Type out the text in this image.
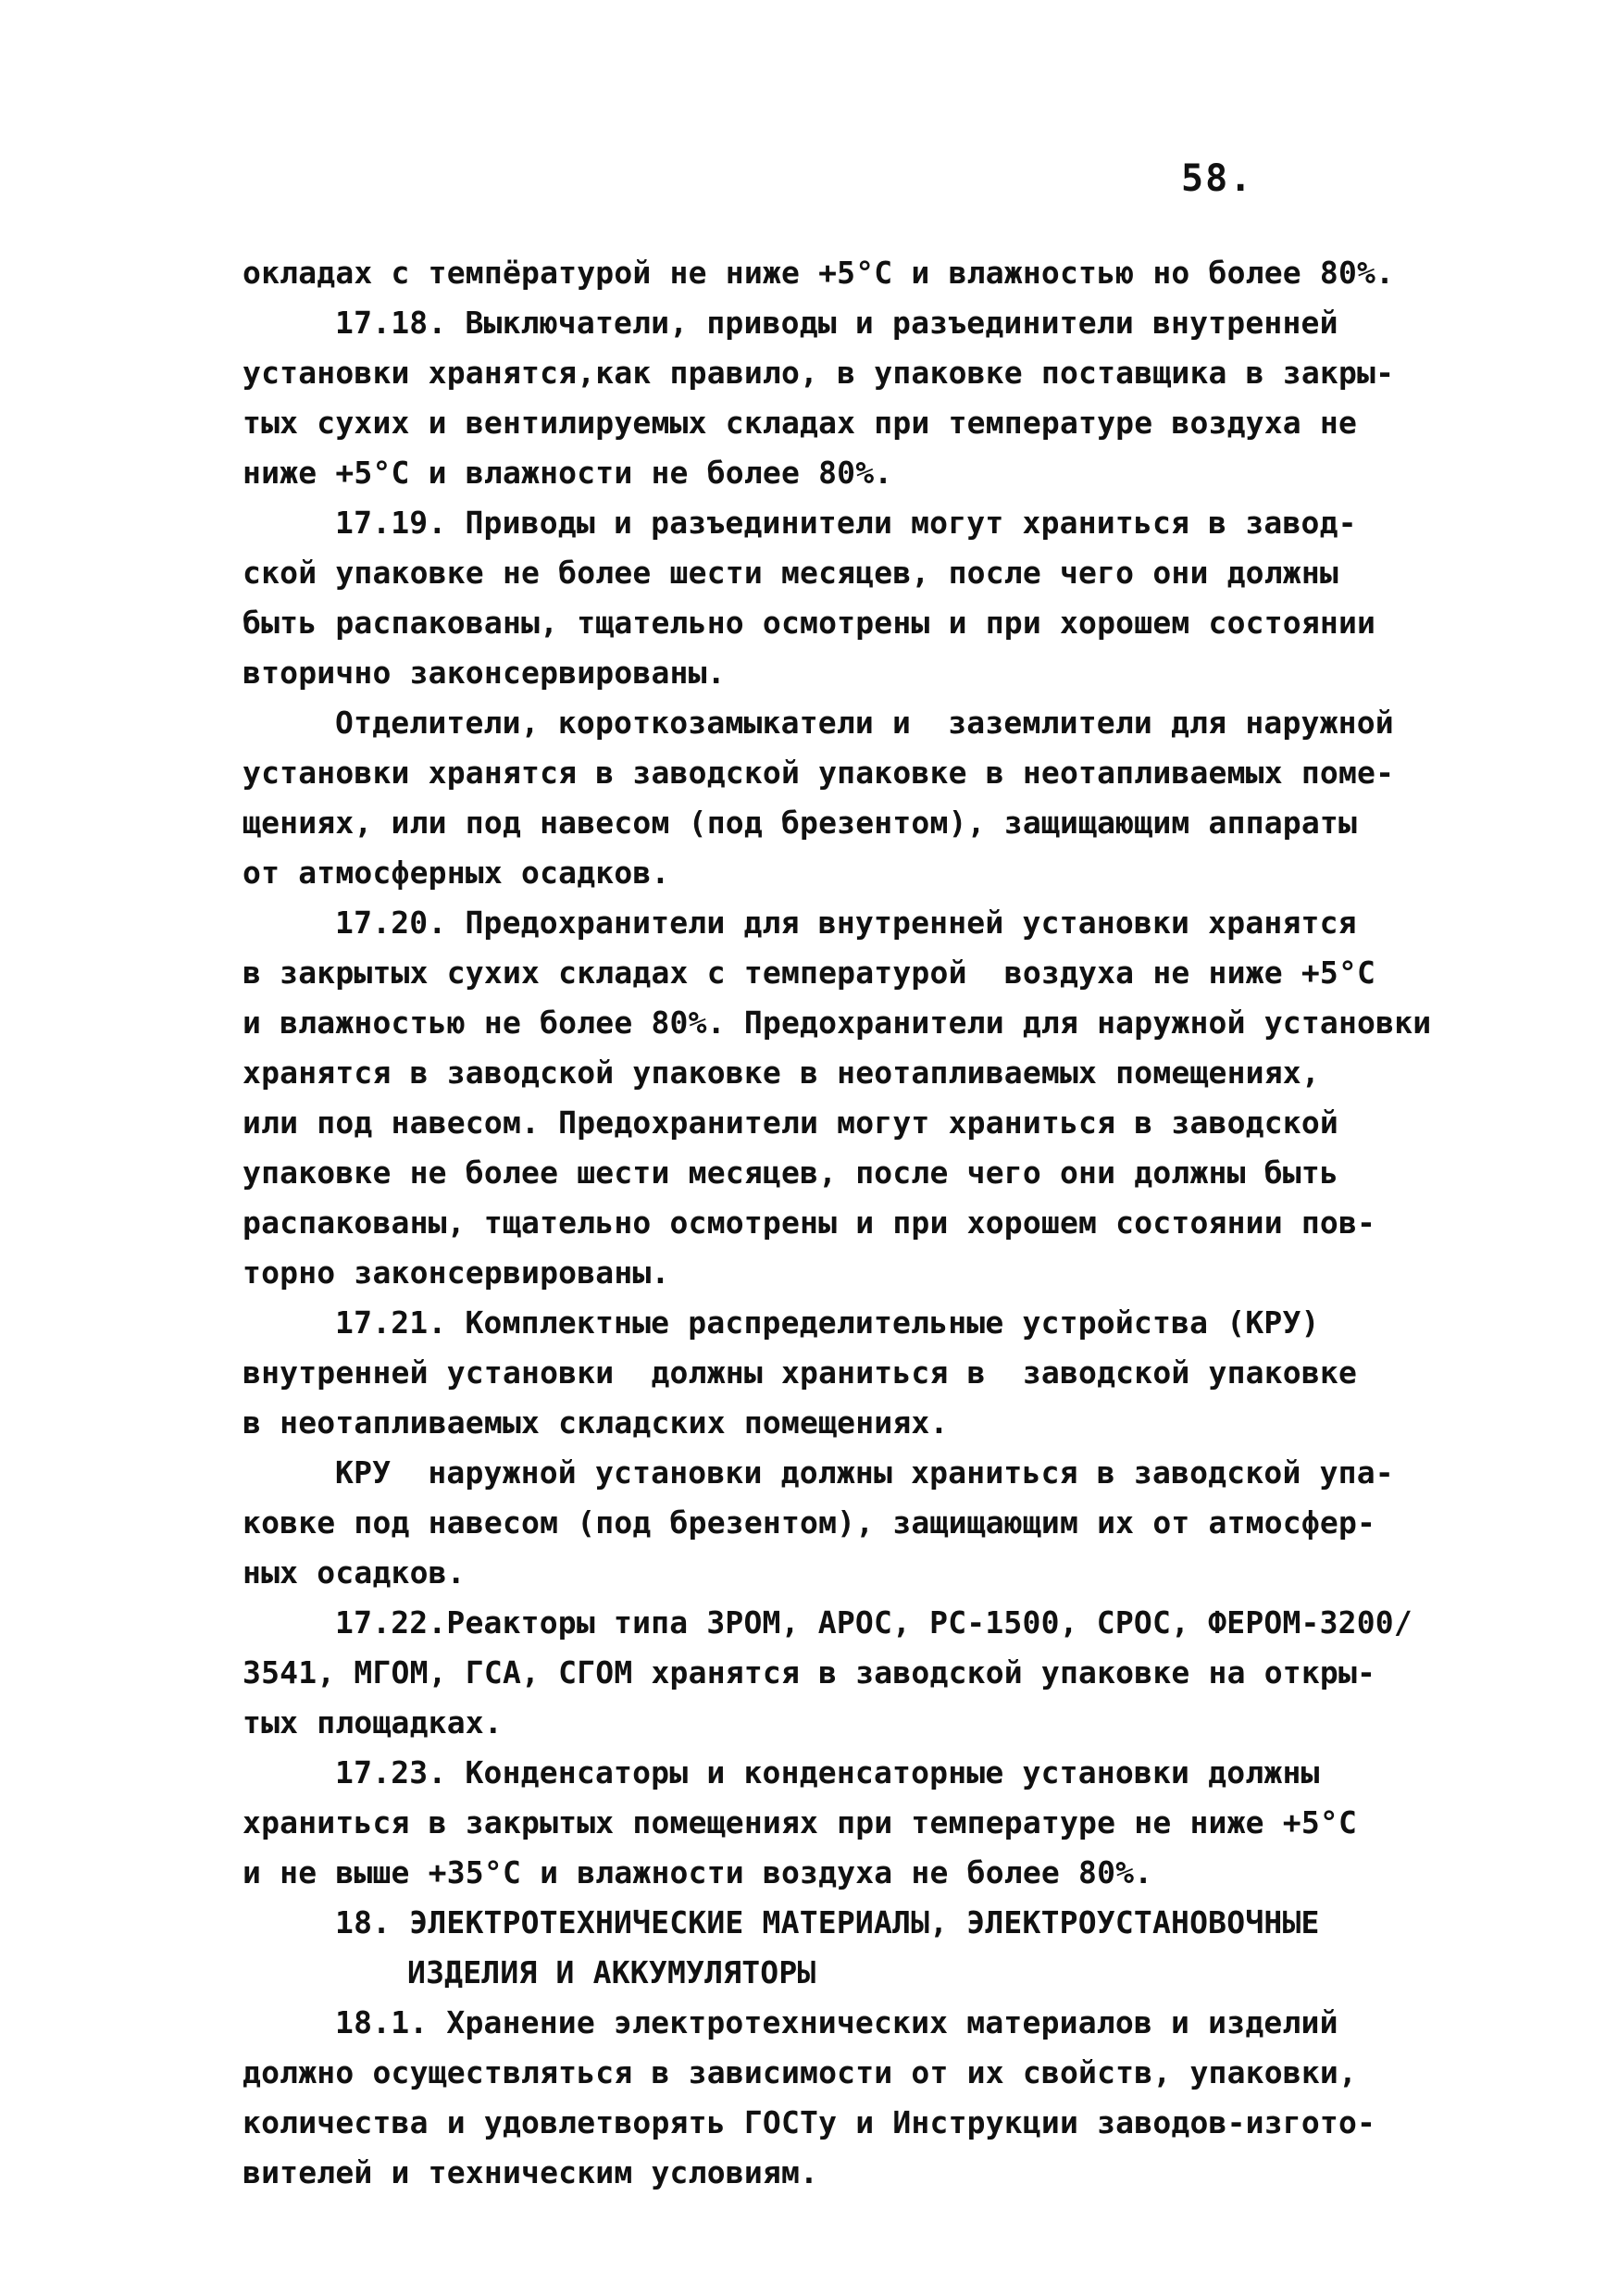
58.
окладах с темпёратурой не ниже +5°С и влажностью но более 80%.
17.18. Выключатели, приводы и разъединители внутренней
установки хранятся,как правило, в упаковке поставщика в закры-
тых сухих и вентилируемых складах при температуре воздуха не
ниже +5°С и влажности не более 80%.
17.19. Приводы и разъединители могут храниться в завод-
ской упаковке не более шести месяцев, после чего они должны
быть распакованы, тщательно осмотрены и при хорошем состоянии
вторично законсервированы.
Отделители, короткозамыкатели и  заземлители для наружной
установки хранятся в заводской упаковке в неотапливаемых поме-
щениях, или под навесом (под брезентом), защищающим аппараты
от атмосферных осадков.
17.20. Предохранители для внутренней установки хранятся
в закрытых сухих складах с температурой  воздуха не ниже +5°С
и влажностью не более 80%. Предохранители для наружной установки
хранятся в заводской упаковке в неотапливаемых помещениях,
или под навесом. Предохранители могут храниться в заводской
упаковке не более шести месяцев, после чего они должны быть
распакованы, тщательно осмотрены и при хорошем состоянии пов-
торно законсервированы.
17.21. Комплектные распределительные устройства (КРУ)
внутренней установки  должны храниться в  заводской упаковке
в неотапливаемых складских помещениях.
КРУ  наружной установки должны храниться в заводской упа-
ковке под навесом (под брезентом), защищающим их от атмосфер-
ных осадков.
17.22.Реакторы типа ЗРОМ, АРОС, РС-1500, СРОС, ФЕРОМ-3200/
3541, МГОМ, ГСА, СГОМ хранятся в заводской упаковке на откры-
тых площадках.
17.23. Конденсаторы и конденсаторные установки должны
храниться в закрытых помещениях при температуре не ниже +5°С
и не выше +35°С и влажности воздуха не более 80%.
18. ЭЛЕКТРОТЕХНИЧЕСКИЕ МАТЕРИАЛЫ, ЭЛЕКТРОУСТАНОВОЧНЫЕ
ИЗДЕЛИЯ И АККУМУЛЯТОРЫ
18.1. Хранение электротехнических материалов и изделий
должно осуществляться в зависимости от их свойств, упаковки,
количества и удовлетворять ГОСТу и Инструкции заводов-изгото-
вителей и техническим условиям.
